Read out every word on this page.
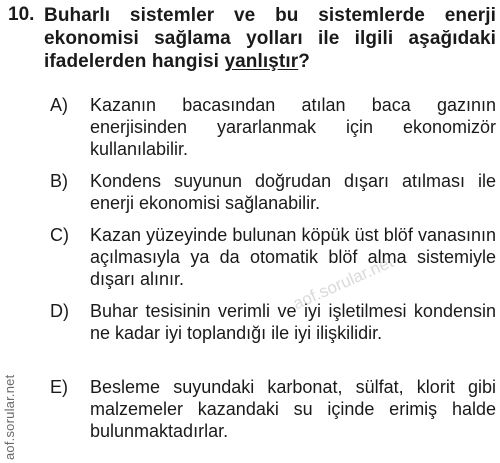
10. Buharlı sistemler ve bu sistemlerde enerji
ekonomisi sağlama yolları ile ilgili aşağıdaki
ifadelerden hangisi yanlıştır?
A)	Kazanın bacasından atılan baca gazının enerjisinden yararlanmak için ekonomizör kullanılabilir.
B)	Kondens suyunun doğrudan dışarı atılması ile enerji ekonomisi sağlanabilir.
C)	Kazan yüzeyinde bulunan köpük üst blöf vanasının açılmasıyla ya da otomatik blöf alma sistemiyle dışarı alınır.
D)	Buhar tesisinin verimli ve iyi işletilmesi kondensin ne kadar iyi toplandığı ile iyi ilişkilidir.
E)	Besleme suyundaki karbonat, sülfat, klorit gibi malzemeler kazandaki su içinde erimiş halde bulunmaktadırlar.
aof.sorular.net
aof.sorular.net
